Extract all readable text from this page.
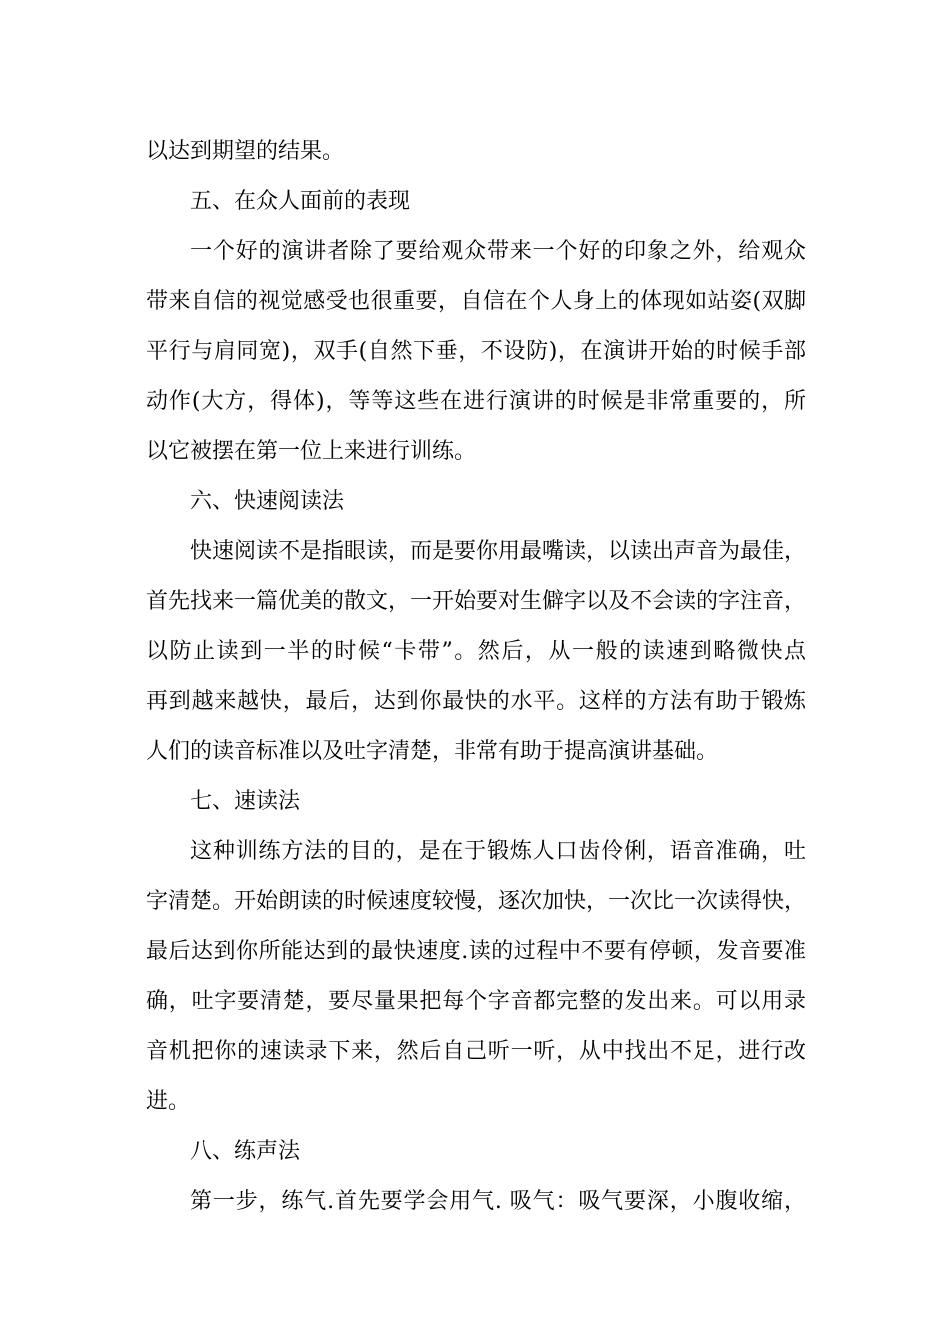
以达到期望的结果。
五、在众人面前的表现
一个好的演讲者除了要给观众带来一个好的印象之外，给观众
带来自信的视觉感受也很重要，自信在个人身上的体现如站姿(双脚
平行与肩同宽)，双手(自然下垂，不设防)，在演讲开始的时候手部
动作(大方，得体)，等等这些在进行演讲的时候是非常重要的，所
以它被摆在第一位上来进行训练。
六、快速阅读法
快速阅读不是指眼读，而是要你用最嘴读，以读出声音为最佳，
首先找来一篇优美的散文，一开始要对生僻字以及不会读的字注音，
以防止读到一半的时候“卡带”。然后，从一般的读速到略微快点
再到越来越快，最后，达到你最快的水平。这样的方法有助于锻炼
人们的读音标准以及吐字清楚，非常有助于提高演讲基础。
七、速读法
这种训练方法的目的，是在于锻炼人口齿伶俐，语音准确，吐
字清楚。开始朗读的时候速度较慢，逐次加快，一次比一次读得快，
最后达到你所能达到的最快速度.读的过程中不要有停顿，发音要准
确，吐字要清楚，要尽量果把每个字音都完整的发出来。可以用录
音机把你的速读录下来，然后自己听一听，从中找出不足，进行改
进。
八、练声法
第一步，练气.首先要学会用气. 吸气：吸气要深，小腹收缩，
